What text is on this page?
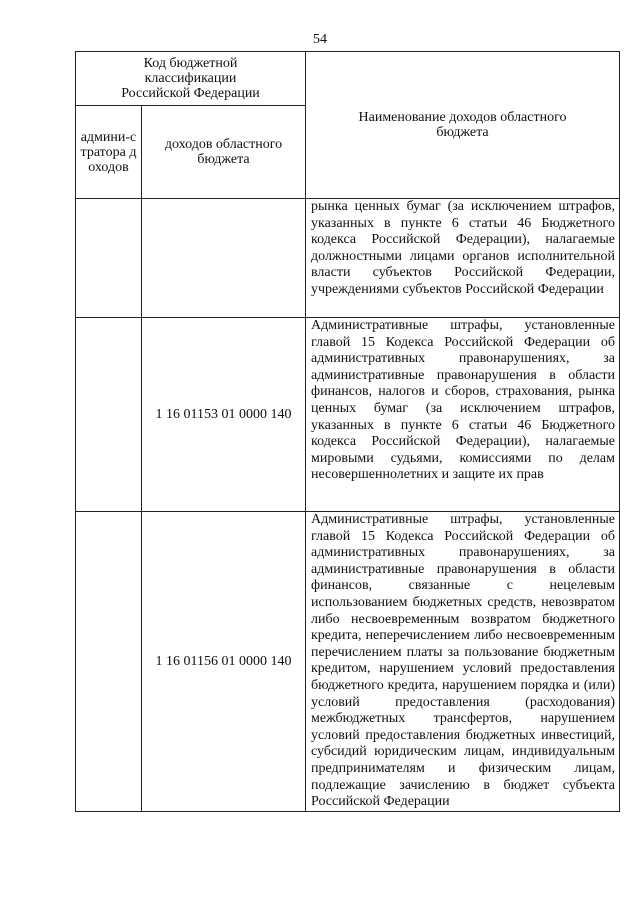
54
Код бюджетной классификации Российской Федерации		Наименование доходов областного бюджета

админи-стратора доходов	доходов областного бюджета	

		рынка ценных бумаг (за исключением штрафов, указанных в пункте 6 статьи 46 Бюджетного кодекса Российской Федерации), налагаемые должностными лицами органов исполнительной власти субъектов Российской Федерации, учреждениями субъектов Российской Федерации

	1 16 01153 01 0000 140	Административные штрафы, установленные главой 15 Кодекса Российской Федерации об административных правонарушениях, за административные правонарушения в области финансов, налогов и сборов, страхования, рынка ценных бумаг (за исключением штрафов, указанных в пункте 6 статьи 46 Бюджетного кодекса Российской Федерации), налагаемые мировыми судьями, комиссиями по делам несовершеннолетних и защите их прав

	1 16 01156 01 0000 140	Административные штрафы, установленные главой 15 Кодекса Российской Федерации об административных правонарушениях, за административные правонарушения в области финансов, связанные с нецелевым использованием бюджетных средств, невозвратом либо несвоевременным возвратом бюджетного кредита, неперечислением либо несвоевременным перечислением платы за пользование бюджетным кредитом, нарушением условий предоставления бюджетного кредита, нарушением порядка и (или) условий предоставления (расходования) межбюджетных трансфертов, нарушением условий предоставления бюджетных инвестиций, субсидий юридическим лицам, индивидуальным предпринимателям и физическим лицам, подлежащие зачислению в бюджет субъекта Российской Федерации
